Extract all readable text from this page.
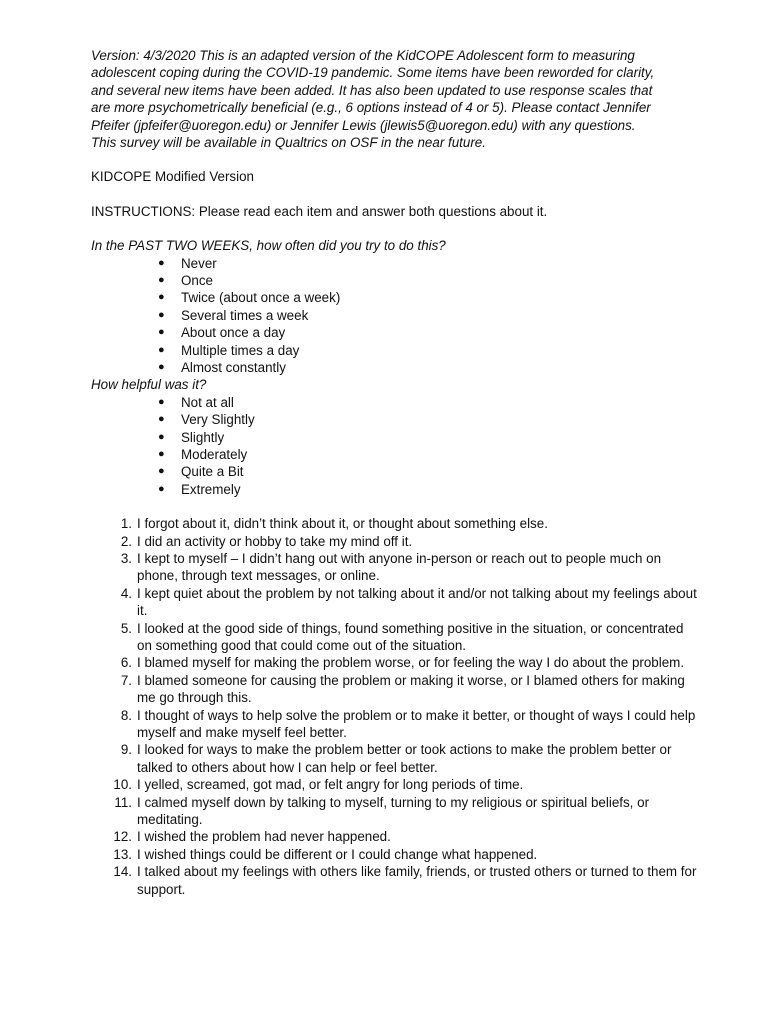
Version: 4/3/2020 This is an adapted version of the KidCOPE Adolescent form to measuring
adolescent coping during the COVID-19 pandemic. Some items have been reworded for clarity,
and several new items have been added. It has also been updated to use response scales that
are more psychometrically beneficial (e.g., 6 options instead of 4 or 5). Please contact Jennifer
Pfeifer (jpfeifer@uoregon.edu) or Jennifer Lewis (jlewis5@uoregon.edu) with any questions.
This survey will be available in Qualtrics on OSF in the near future.

KIDCOPE Modified Version

INSTRUCTIONS: Please read each item and answer both questions about it.

In the PAST TWO WEEKS, how often did you try to do this?

● Never
● Once
● Twice (about once a week)
● Several times a week
● About once a day
● Multiple times a day
● Almost constantly

How helpful was it?

● Not at all
● Very Slightly
● Slightly
● Moderately
● Quite a Bit
● Extremely
1. I forgot about it, didn’t think about it, or thought about something else.
2. I did an activity or hobby to take my mind off it.
3. I kept to myself – I didn’t hang out with anyone in-person or reach out to people much on phone, through text messages, or online.
4. I kept quiet about the problem by not talking about it and/or not talking about my feelings about it.
5. I looked at the good side of things, found something positive in the situation, or concentrated on something good that could come out of the situation.
6. I blamed myself for making the problem worse, or for feeling the way I do about the problem.
7. I blamed someone for causing the problem or making it worse, or I blamed others for making me go through this.
8. I thought of ways to help solve the problem or to make it better, or thought of ways I could help myself and make myself feel better.
9. I looked for ways to make the problem better or took actions to make the problem better or talked to others about how I can help or feel better.
10. I yelled, screamed, got mad, or felt angry for long periods of time.
11. I calmed myself down by talking to myself, turning to my religious or spiritual beliefs, or meditating.
12. I wished the problem had never happened.
13. I wished things could be different or I could change what happened.
14. I talked about my feelings with others like family, friends, or trusted others or turned to them for support.
